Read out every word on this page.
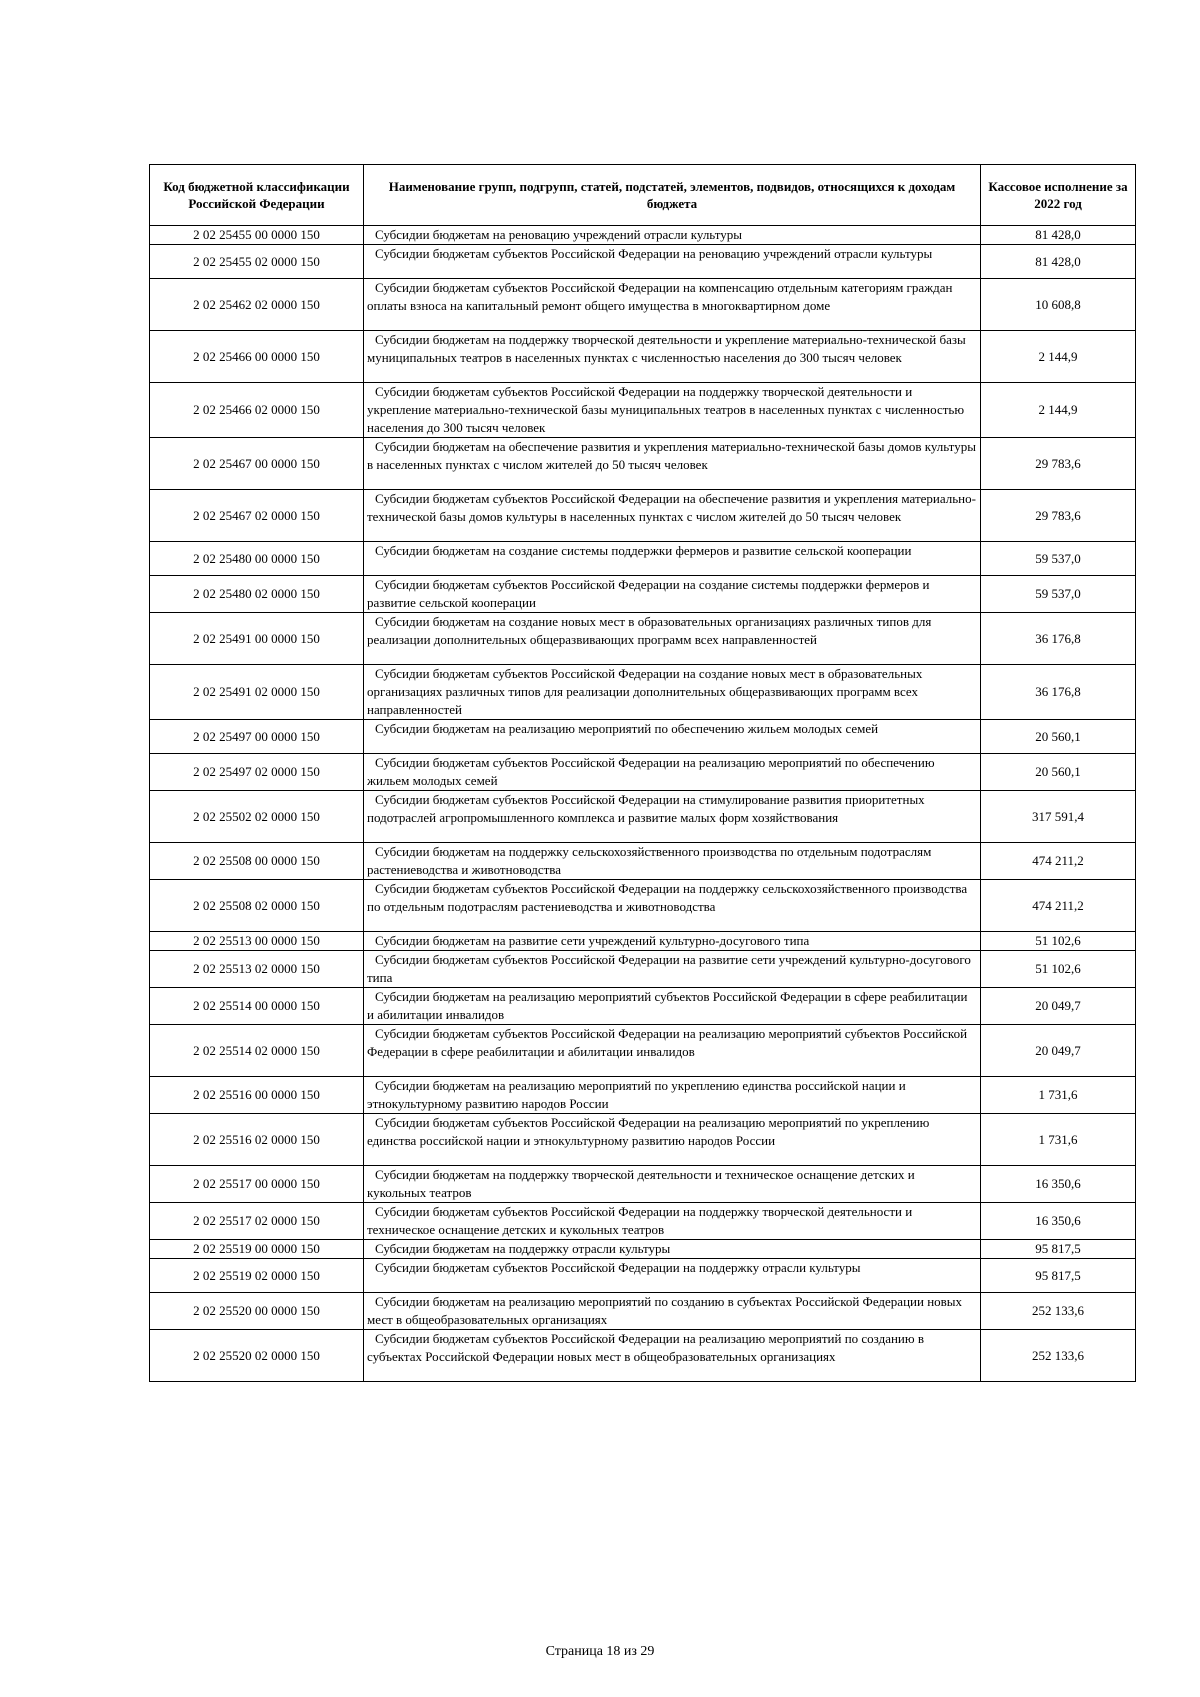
Код бюджетной классификации Российской Федерации	Наименование групп, подгрупп, статей, подстатей, элементов, подвидов, относящихся к доходам бюджета	Кассовое исполнение за 2022 год
2 02 25455 00 0000 150	Субсидии бюджетам на реновацию учреждений отрасли культуры	81 428,0
2 02 25455 02 0000 150	Субсидии бюджетам субъектов Российской Федерации на реновацию учреждений отрасли культуры	81 428,0
2 02 25462 02 0000 150	Субсидии бюджетам субъектов Российской Федерации на компенсацию отдельным категориям граждан оплаты взноса на капитальный ремонт общего имущества в многоквартирном доме	10 608,8
2 02 25466 00 0000 150	Субсидии бюджетам на поддержку творческой деятельности и укрепление материально-технической базы муниципальных театров в населенных пунктах с численностью населения до 300 тысяч человек	2 144,9
2 02 25466 02 0000 150	Субсидии бюджетам субъектов Российской Федерации на поддержку творческой деятельности и укрепление материально-технической базы муниципальных театров в населенных пунктах с численностью населения до 300 тысяч человек	2 144,9
2 02 25467 00 0000 150	Субсидии бюджетам на обеспечение развития и укрепления материально-технической базы домов культуры в населенных пунктах с числом жителей до 50 тысяч человек	29 783,6
2 02 25467 02 0000 150	Субсидии бюджетам субъектов Российской Федерации на обеспечение развития и укрепления материально-технической базы домов культуры в населенных пунктах с числом жителей до 50 тысяч человек	29 783,6
2 02 25480 00 0000 150	Субсидии бюджетам на создание системы поддержки фермеров и развитие сельской кооперации	59 537,0
2 02 25480 02 0000 150	Субсидии бюджетам субъектов Российской Федерации на создание системы поддержки фермеров и развитие сельской кооперации	59 537,0
2 02 25491 00 0000 150	Субсидии бюджетам на создание новых мест в образовательных организациях различных типов для реализации дополнительных общеразвивающих программ всех направленностей	36 176,8
2 02 25491 02 0000 150	Субсидии бюджетам субъектов Российской Федерации на создание новых мест в образовательных организациях различных типов для реализации дополнительных общеразвивающих программ всех направленностей	36 176,8
2 02 25497 00 0000 150	Субсидии бюджетам на реализацию мероприятий по обеспечению жильем молодых семей	20 560,1
2 02 25497 02 0000 150	Субсидии бюджетам субъектов Российской Федерации на реализацию мероприятий по обеспечению жильем молодых семей	20 560,1
2 02 25502 02 0000 150	Субсидии бюджетам субъектов Российской Федерации на стимулирование развития приоритетных подотраслей агропромышленного комплекса и развитие малых форм хозяйствования	317 591,4
2 02 25508 00 0000 150	Субсидии бюджетам на поддержку сельскохозяйственного производства по отдельным подотраслям растениеводства и животноводства	474 211,2
2 02 25508 02 0000 150	Субсидии бюджетам субъектов Российской Федерации на поддержку сельскохозяйственного производства по отдельным подотраслям растениеводства и животноводства	474 211,2
2 02 25513 00 0000 150	Субсидии бюджетам на развитие сети учреждений культурно-досугового типа	51 102,6
2 02 25513 02 0000 150	Субсидии бюджетам субъектов Российской Федерации на развитие сети учреждений культурно-досугового типа	51 102,6
2 02 25514 00 0000 150	Субсидии бюджетам на реализацию мероприятий субъектов Российской Федерации в сфере реабилитации и абилитации инвалидов	20 049,7
2 02 25514 02 0000 150	Субсидии бюджетам субъектов Российской Федерации на реализацию мероприятий субъектов Российской Федерации в сфере реабилитации и абилитации инвалидов	20 049,7
2 02 25516 00 0000 150	Субсидии бюджетам на реализацию мероприятий по укреплению единства российской нации и этнокультурному развитию народов России	1 731,6
2 02 25516 02 0000 150	Субсидии бюджетам субъектов Российской Федерации на реализацию мероприятий по укреплению единства российской нации и этнокультурному развитию народов России	1 731,6
2 02 25517 00 0000 150	Субсидии бюджетам на поддержку творческой деятельности и техническое оснащение детских и кукольных театров	16 350,6
2 02 25517 02 0000 150	Субсидии бюджетам субъектов Российской Федерации на поддержку творческой деятельности и техническое оснащение детских и кукольных театров	16 350,6
2 02 25519 00 0000 150	Субсидии бюджетам на поддержку отрасли культуры	95 817,5
2 02 25519 02 0000 150	Субсидии бюджетам субъектов Российской Федерации на поддержку отрасли культуры	95 817,5
2 02 25520 00 0000 150	Субсидии бюджетам на реализацию мероприятий по созданию в субъектах Российской Федерации новых мест в общеобразовательных организациях	252 133,6
2 02 25520 02 0000 150	Субсидии бюджетам субъектов Российской Федерации на реализацию мероприятий по созданию в субъектах Российской Федерации новых мест в общеобразовательных организациях	252 133,6
Страница 18 из 29
